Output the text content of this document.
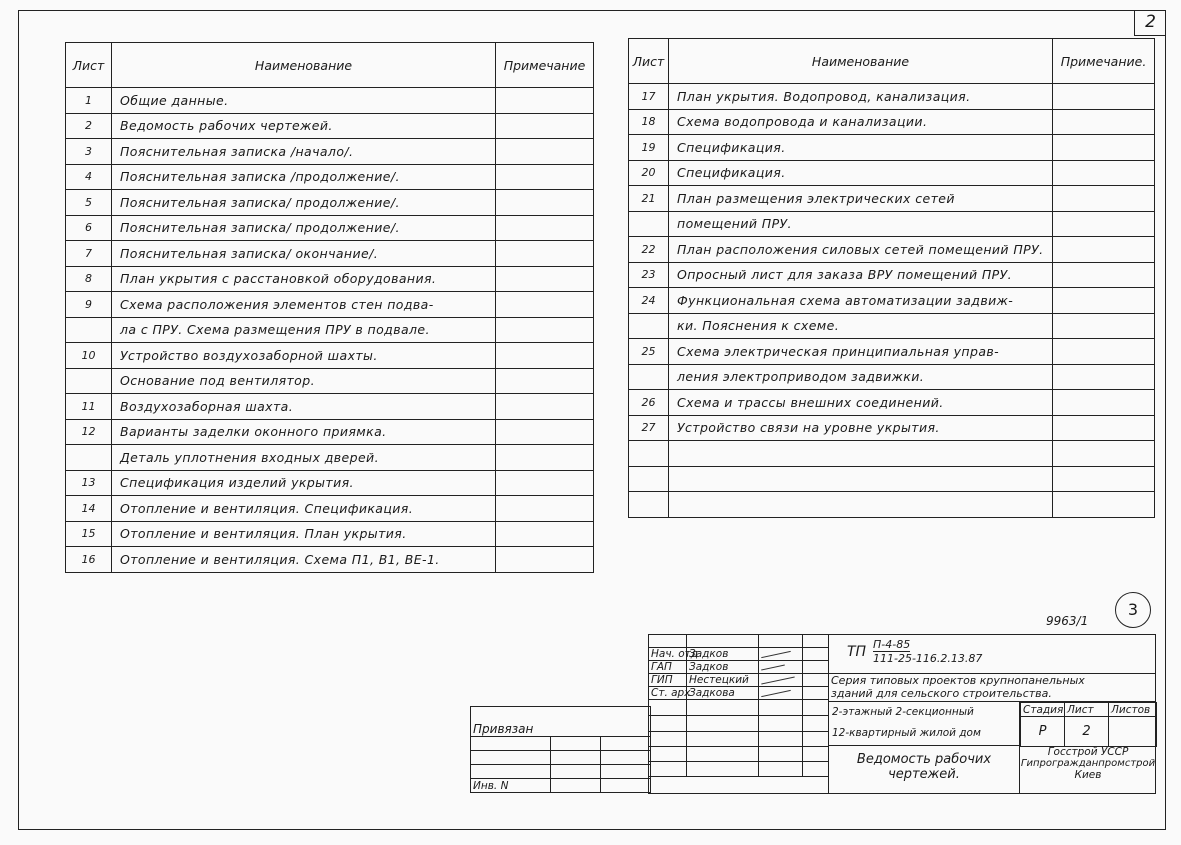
2
Лист	Наименование	Примечание
1	Общие данные.	
2	Ведомость рабочих чертежей.	
3	Пояснительная записка /начало/.	
4	Пояснительная записка /продолжение/.	
5	Пояснительная записка/ продолжение/.	
6	Пояснительная записка/ продолжение/.	
7	Пояснительная записка/ окончание/.	
8	План укрытия с расстановкой оборудования.	
9	Схема расположения элементов стен подва-	
	ла с ПРУ. Схема размещения ПРУ в подвале.	
10	Устройство воздухозаборной шахты.	
	Основание под вентилятор.	
11	Воздухозаборная шахта.	
12	Варианты заделки оконного приямка.	
	Деталь уплотнения входных дверей.	
13	Спецификация изделий укрытия.	
14	Отопление и вентиляция. Спецификация.	
15	Отопление и вентиляция. План укрытия.	
16	Отопление и вентиляция. Схема П1, В1, ВЕ-1.	
Лист	Наименование	Примечание.
17	План укрытия. Водопровод, канализация.	
18	Схема водопровода и канализации.	
19	Спецификация.	
20	Спецификация.	
21	План размещения электрических сетей	
	помещений ПРУ.	
22	План расположения силовых сетей помещений ПРУ.	
23	Опросный лист для заказа ВРУ помещений ПРУ.	
24	Функциональная схема автоматизации задвиж-	
	ки. Пояснения к схеме.	
25	Схема электрическая принципиальная управ-	
	ления электроприводом задвижки.	
26	Схема и трассы внешних соединений.	
27	Устройство связи на уровне укрытия.	

9963/1
3
Привязан		

Инв. N		

Нач. отд	Задков	

ГАП	Задков	

ГИП	Нестецкий	

Ст. арх	Задкова	

ТП П-4-85
111-25-116.2.13.87
Серия типовых проектов крупнопанельных
зданий для сельского строительства.
2-этажный 2-секционный
12-квартирный жилой дом
Стадия	Лист	Листов
Р	2	
Ведомость рабочих
чертежей.
Госстрой УССР
Гипрогражданпромстрой
Киев
